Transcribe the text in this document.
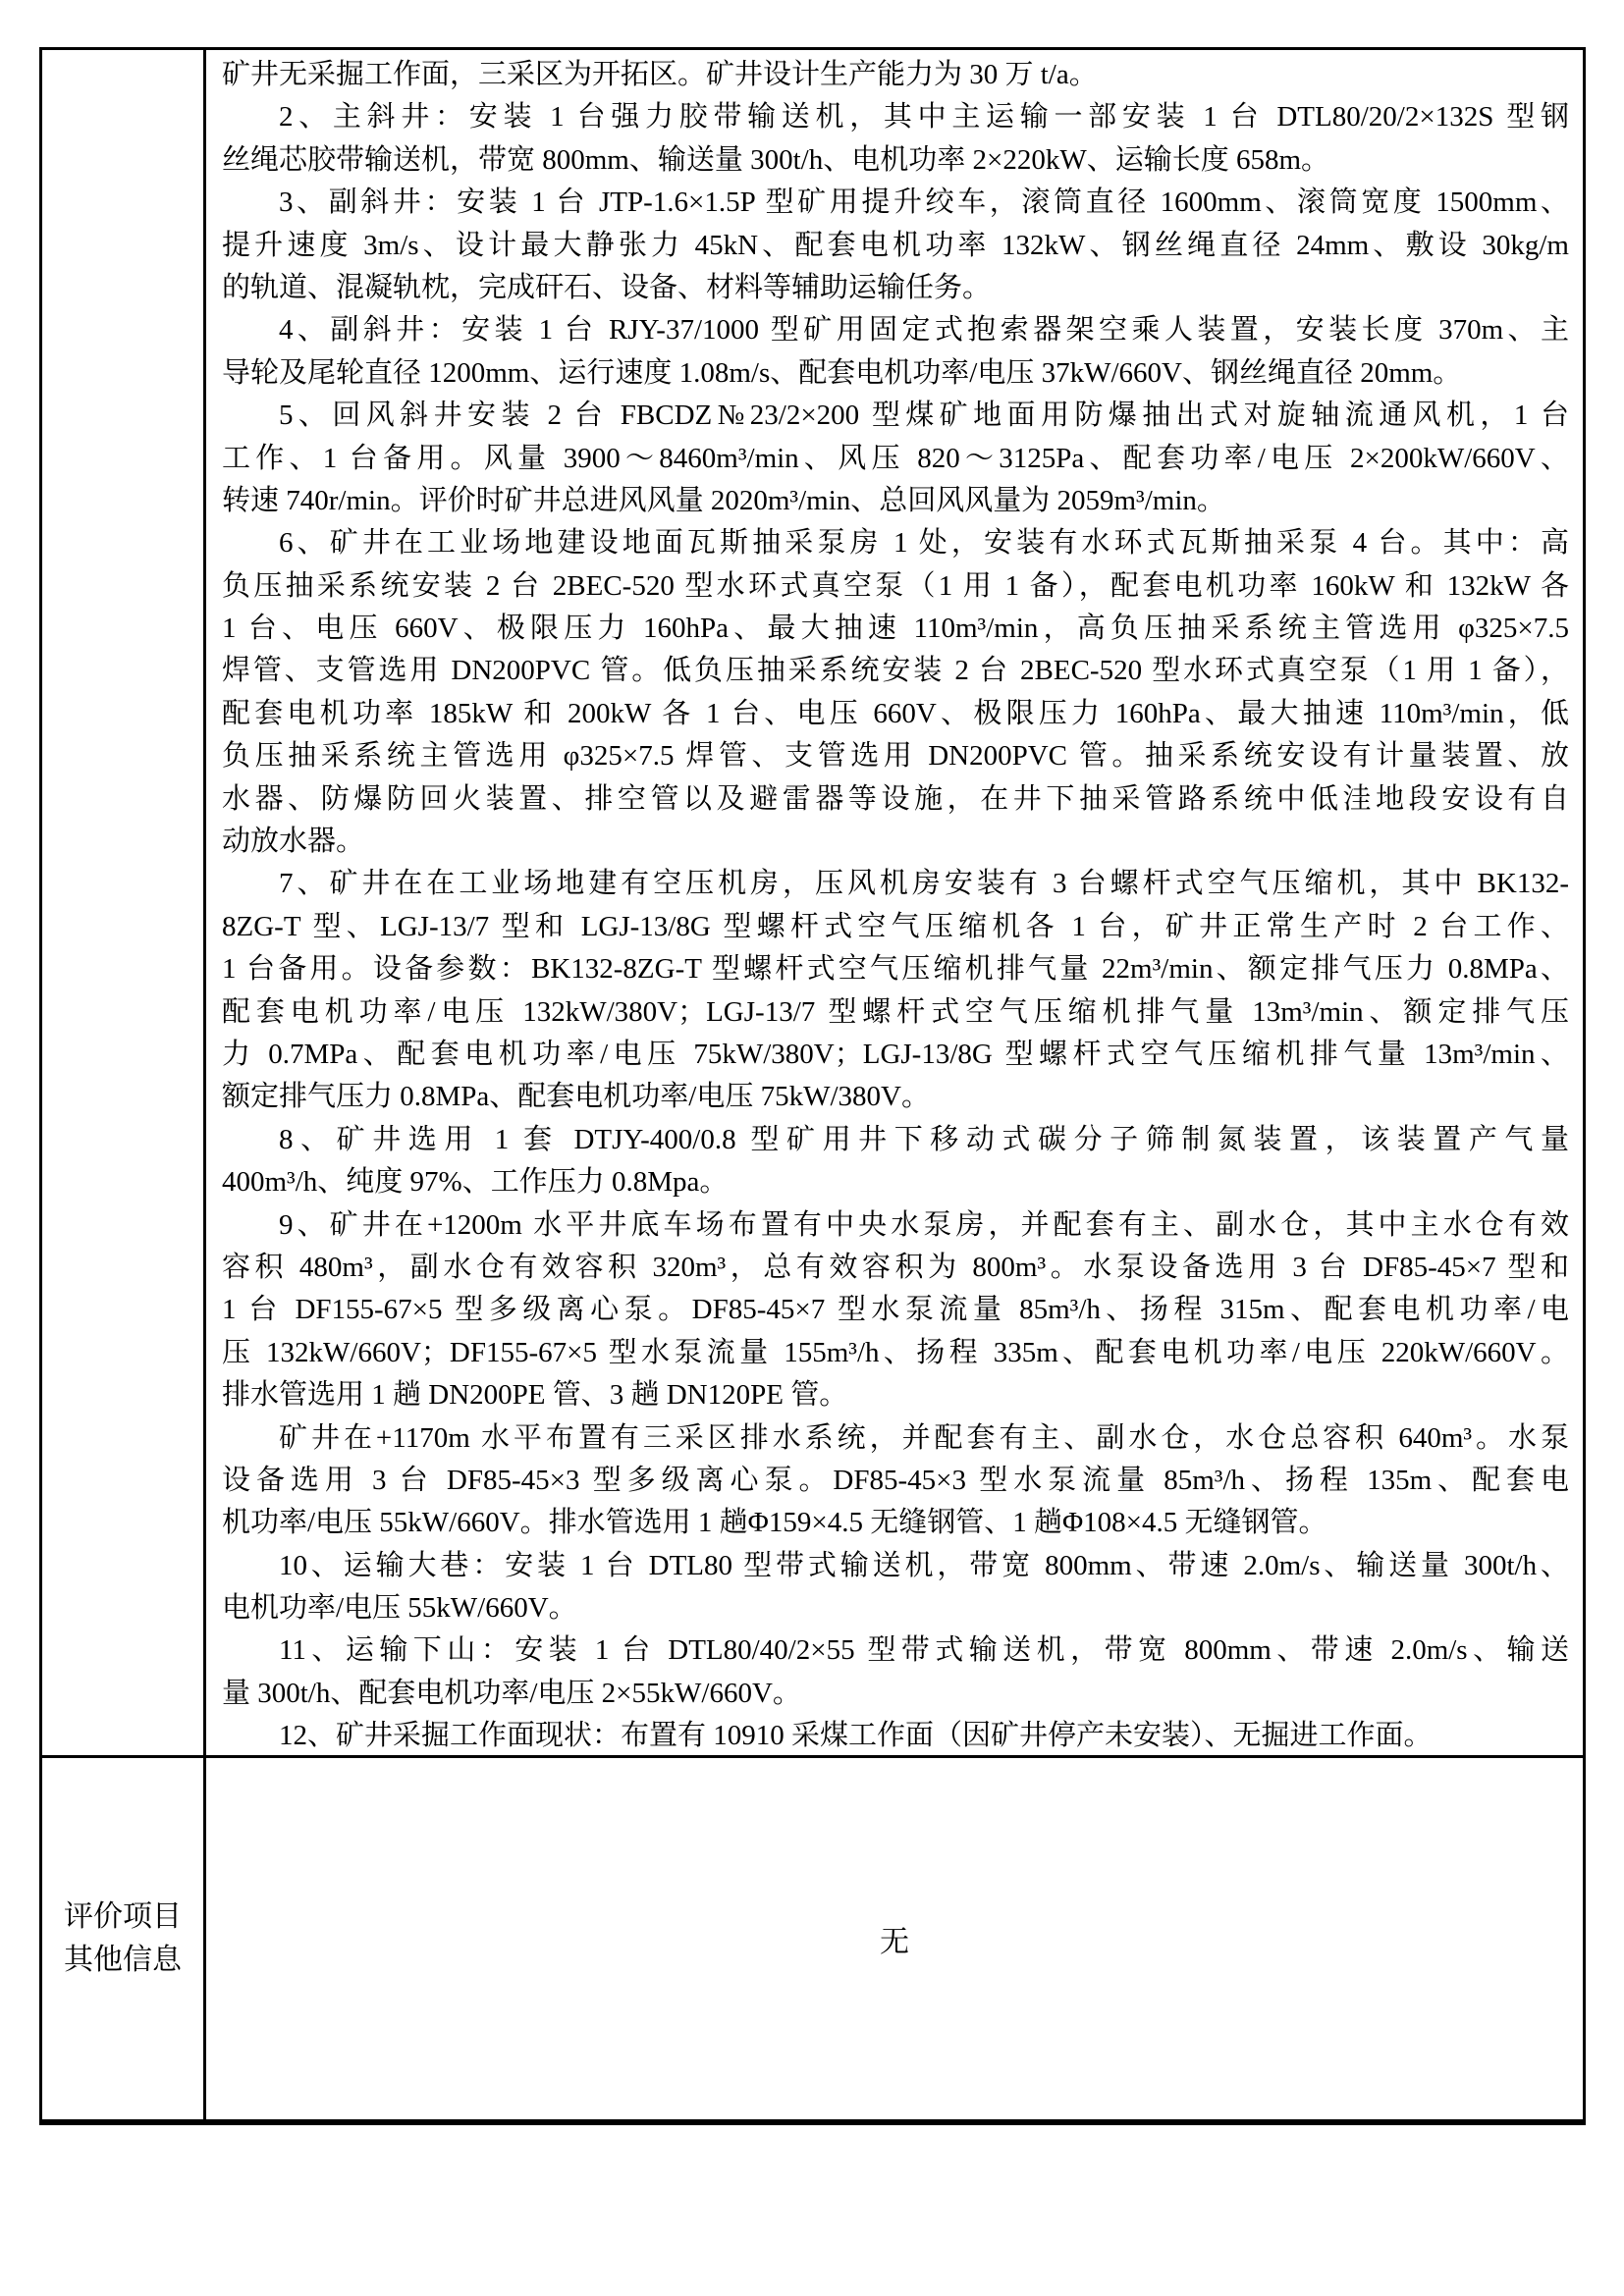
矿井无采掘工作面，三采区为开拓区。矿井设计生产能力为 30 万 t/a。
2、主斜井：安装 1 台强力胶带输送机，其中主运输一部安装 1 台 DTL80/20/2×132S 型钢
丝绳芯胶带输送机，带宽 800mm、输送量 300t/h、电机功率 2×220kW、运输长度 658m。
3、副斜井：安装 1 台 JTP-1.6×1.5P 型矿用提升绞车，滚筒直径 1600mm、滚筒宽度 1500mm、
提升速度 3m/s、设计最大静张力 45kN、配套电机功率 132kW、钢丝绳直径 24mm、敷设 30kg/m
的轨道、混凝轨枕，完成矸石、设备、材料等辅助运输任务。
4、副斜井：安装 1 台 RJY-37/1000 型矿用固定式抱索器架空乘人装置，安装长度 370m、主
导轮及尾轮直径 1200mm、运行速度 1.08m/s、配套电机功率/电压 37kW/660V、钢丝绳直径 20mm。
5、回风斜井安装 2 台 FBCDZ№23/2×200 型煤矿地面用防爆抽出式对旋轴流通风机，1 台
工作、1 台备用。风量 3900～8460m³/min、风压 820～3125Pa、配套功率/电压 2×200kW/660V、
转速 740r/min。评价时矿井总进风风量 2020m³/min、总回风风量为 2059m³/min。
6、矿井在工业场地建设地面瓦斯抽采泵房 1 处，安装有水环式瓦斯抽采泵 4 台。其中：高
负压抽采系统安装 2 台 2BEC-520 型水环式真空泵（1 用 1 备），配套电机功率 160kW 和 132kW 各
1 台、电压 660V、极限压力 160hPa、最大抽速 110m³/min，高负压抽采系统主管选用 φ325×7.5
焊管、支管选用 DN200PVC 管。低负压抽采系统安装 2 台 2BEC-520 型水环式真空泵（1 用 1 备），
配套电机功率 185kW 和 200kW 各 1 台、电压 660V、极限压力 160hPa、最大抽速 110m³/min，低
负压抽采系统主管选用 φ325×7.5 焊管、支管选用 DN200PVC 管。抽采系统安设有计量装置、放
水器、防爆防回火装置、排空管以及避雷器等设施，在井下抽采管路系统中低洼地段安设有自
动放水器。
7、矿井在在工业场地建有空压机房，压风机房安装有 3 台螺杆式空气压缩机，其中 BK132-
8ZG-T 型、LGJ-13/7 型和 LGJ-13/8G 型螺杆式空气压缩机各 1 台，矿井正常生产时 2 台工作、
1 台备用。设备参数：BK132-8ZG-T 型螺杆式空气压缩机排气量 22m³/min、额定排气压力 0.8MPa、
配套电机功率/电压 132kW/380V；LGJ-13/7 型螺杆式空气压缩机排气量 13m³/min、额定排气压
力 0.7MPa、配套电机功率/电压 75kW/380V；LGJ-13/8G 型螺杆式空气压缩机排气量 13m³/min、
额定排气压力 0.8MPa、配套电机功率/电压 75kW/380V。
8、矿井选用 1 套 DTJY-400/0.8 型矿用井下移动式碳分子筛制氮装置，该装置产气量
400m³/h、纯度 97%、工作压力 0.8Mpa。
9、矿井在+1200m 水平井底车场布置有中央水泵房，并配套有主、副水仓，其中主水仓有效
容积 480m³，副水仓有效容积 320m³，总有效容积为 800m³。水泵设备选用 3 台 DF85-45×7 型和
1 台 DF155-67×5 型多级离心泵。DF85-45×7 型水泵流量 85m³/h、扬程 315m、配套电机功率/电
压 132kW/660V；DF155-67×5 型水泵流量 155m³/h、扬程 335m、配套电机功率/电压 220kW/660V。
排水管选用 1 趟 DN200PE 管、3 趟 DN120PE 管。
矿井在+1170m 水平布置有三采区排水系统，并配套有主、副水仓，水仓总容积 640m³。水泵
设备选用 3 台 DF85-45×3 型多级离心泵。DF85-45×3 型水泵流量 85m³/h、扬程 135m、配套电
机功率/电压 55kW/660V。排水管选用 1 趟Φ159×4.5 无缝钢管、1 趟Φ108×4.5 无缝钢管。
10、运输大巷：安装 1 台 DTL80 型带式输送机，带宽 800mm、带速 2.0m/s、输送量 300t/h、
电机功率/电压 55kW/660V。
11、运输下山：安装 1 台 DTL80/40/2×55 型带式输送机，带宽 800mm、带速 2.0m/s、输送
量 300t/h、配套电机功率/电压 2×55kW/660V。
12、矿井采掘工作面现状：布置有 10910 采煤工作面（因矿井停产未安装）、无掘进工作面。
评价项目
其他信息
无
